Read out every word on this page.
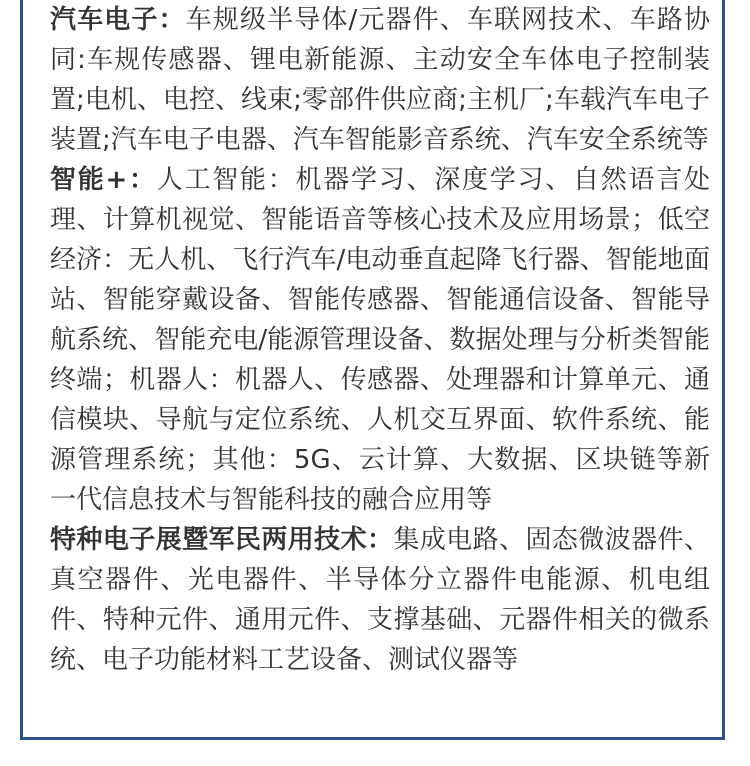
汽车电子：车规级半导体/元器件、车联网技术、车路协同:车规传感器、锂电新能源、主动安全车体电子控制装置;电机、电控、线束;零部件供应商;主机厂;车载汽车电子装置;汽车电子电器、汽车智能影音系统、汽车安全系统等

智能+：人工智能：机器学习、深度学习、自然语言处理、计算机视觉、智能语音等核心技术及应用场景；低空经济：无人机、飞行汽车/电动垂直起降飞行器、智能地面站、智能穿戴设备、智能传感器、智能通信设备、智能导航系统、智能充电/能源管理设备、数据处理与分析类智能终端；机器人：机器人、传感器、处理器和计算单元、通信模块、导航与定位系统、人机交互界面、软件系统、能源管理系统；其他：5G、云计算、大数据、区块链等新一代信息技术与智能科技的融合应用等

特种电子展暨军民两用技术：集成电路、固态微波器件、真空器件、光电器件、半导体分立器件电能源、机电组件、特种元件、通用元件、支撑基础、元器件相关的微系统、电子功能材料工艺设备、测试仪器等
